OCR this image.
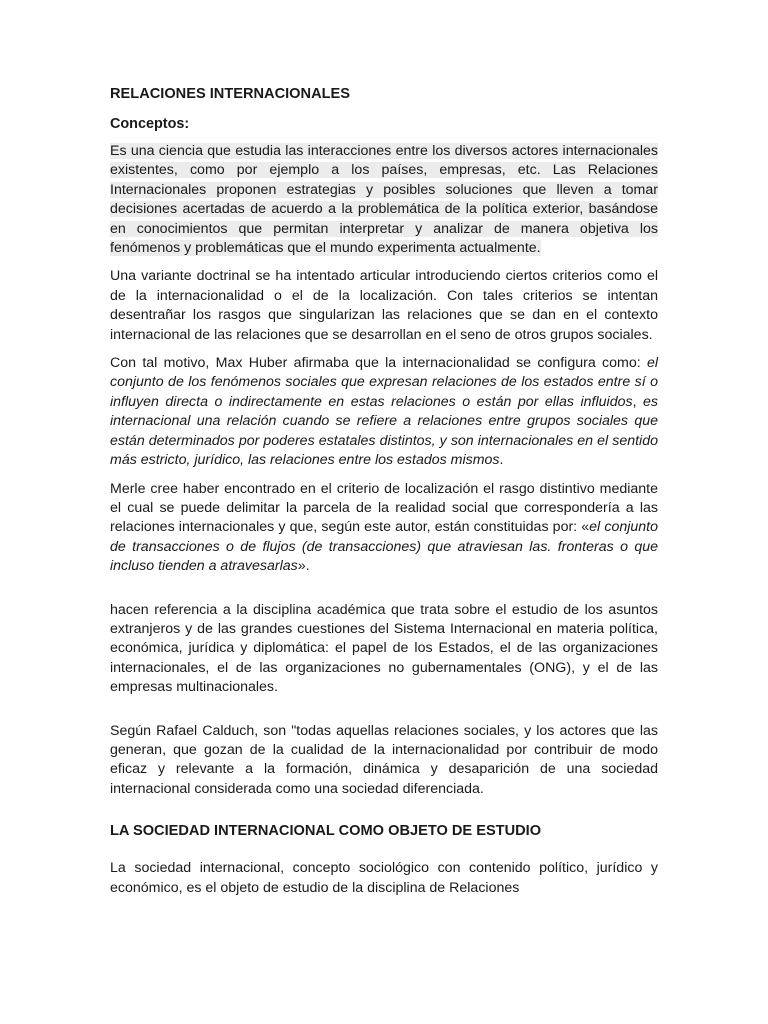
RELACIONES INTERNACIONALES
Conceptos:

Es una ciencia que estudia las interacciones entre los diversos actores internacionales existentes, como por ejemplo a los países, empresas, etc. Las Relaciones Internacionales proponen estrategias y posibles soluciones que lleven a tomar decisiones acertadas de acuerdo a la problemática de la política exterior, basándose en conocimientos que permitan interpretar y analizar de manera objetiva los fenómenos y problemáticas que el mundo experimenta actualmente.

Una variante doctrinal se ha intentado articular introduciendo ciertos criterios como el de la internacionalidad o el de la localización. Con tales criterios se intentan desentrañar los rasgos que singularizan las relaciones que se dan en el contexto internacional de las relaciones que se desarrollan en el seno de otros grupos sociales.

Con tal motivo, Max Huber afirmaba que la internacionalidad se configura como: el conjunto de los fenómenos sociales que expresan relaciones de los estados entre sí o influyen directa o indirectamente en estas relaciones o están por ellas influidos, es internacional una relación cuando se refiere a relaciones entre grupos sociales que están determinados por poderes estatales distintos, y son internacionales en el sentido más estricto, jurídico, las relaciones entre los estados mismos.

Merle cree haber encontrado en el criterio de localización el rasgo distintivo mediante el cual se puede delimitar la parcela de la realidad social que correspondería a las relaciones internacionales y que, según este autor, están constituidas por: «el conjunto de transacciones o de flujos (de transacciones) que atraviesan las. fronteras o que incluso tienden a atravesarlas».

hacen referencia a la disciplina académica que trata sobre el estudio de los asuntos extranjeros y de las grandes cuestiones del Sistema Internacional en materia política, económica, jurídica y diplomática: el papel de los Estados, el de las organizaciones internacionales, el de las organizaciones no gubernamentales (ONG), y el de las empresas multinacionales.

Según Rafael Calduch, son "todas aquellas relaciones sociales, y los actores que las generan, que gozan de la cualidad de la internacionalidad por contribuir de modo eficaz y relevante a la formación, dinámica y desaparición de una sociedad internacional considerada como una sociedad diferenciada.

LA SOCIEDAD INTERNACIONAL COMO OBJETO DE ESTUDIO

La sociedad internacional, concepto sociológico con contenido político, jurídico y económico, es el objeto de estudio de la disciplina de Relaciones
